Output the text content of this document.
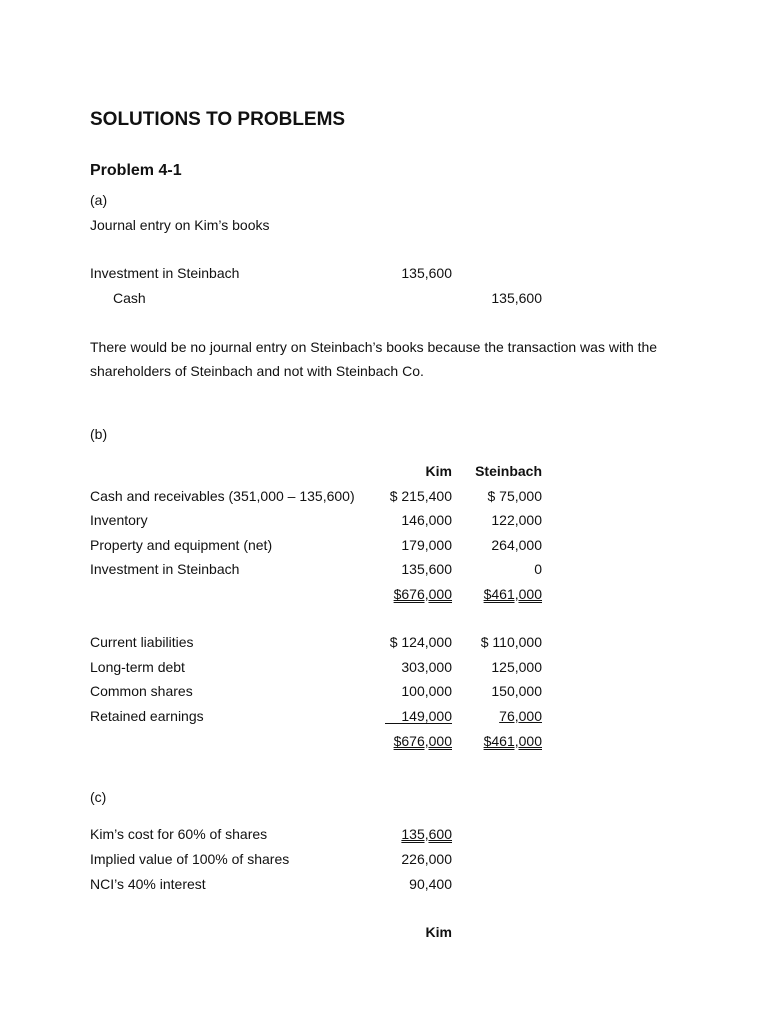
SOLUTIONS TO PROBLEMS
Problem 4-1
(a)
Journal entry on Kim’s books
Investment in Steinbach	135,600
Cash	135,600
There would be no journal entry on Steinbach’s books because the transaction was with the
shareholders of Steinbach and not with Steinbach Co.
(b)
Kim	Steinbach
Cash and receivables (351,000 – 135,600)	$ 215,400	$ 75,000
Inventory	146,000	122,000
Property and equipment (net)	179,000	264,000
Investment in Steinbach	135,600	0
$676,000	$461,000
Current liabilities	$ 124,000	$ 110,000
Long-term debt	303,000	125,000
Common shares	100,000	150,000
Retained earnings	149,000	76,000
$676,000	$461,000
(c)
Kim’s cost for 60% of shares	135,600
Implied value of 100% of shares	226,000
NCI’s 40% interest	90,400
Kim
